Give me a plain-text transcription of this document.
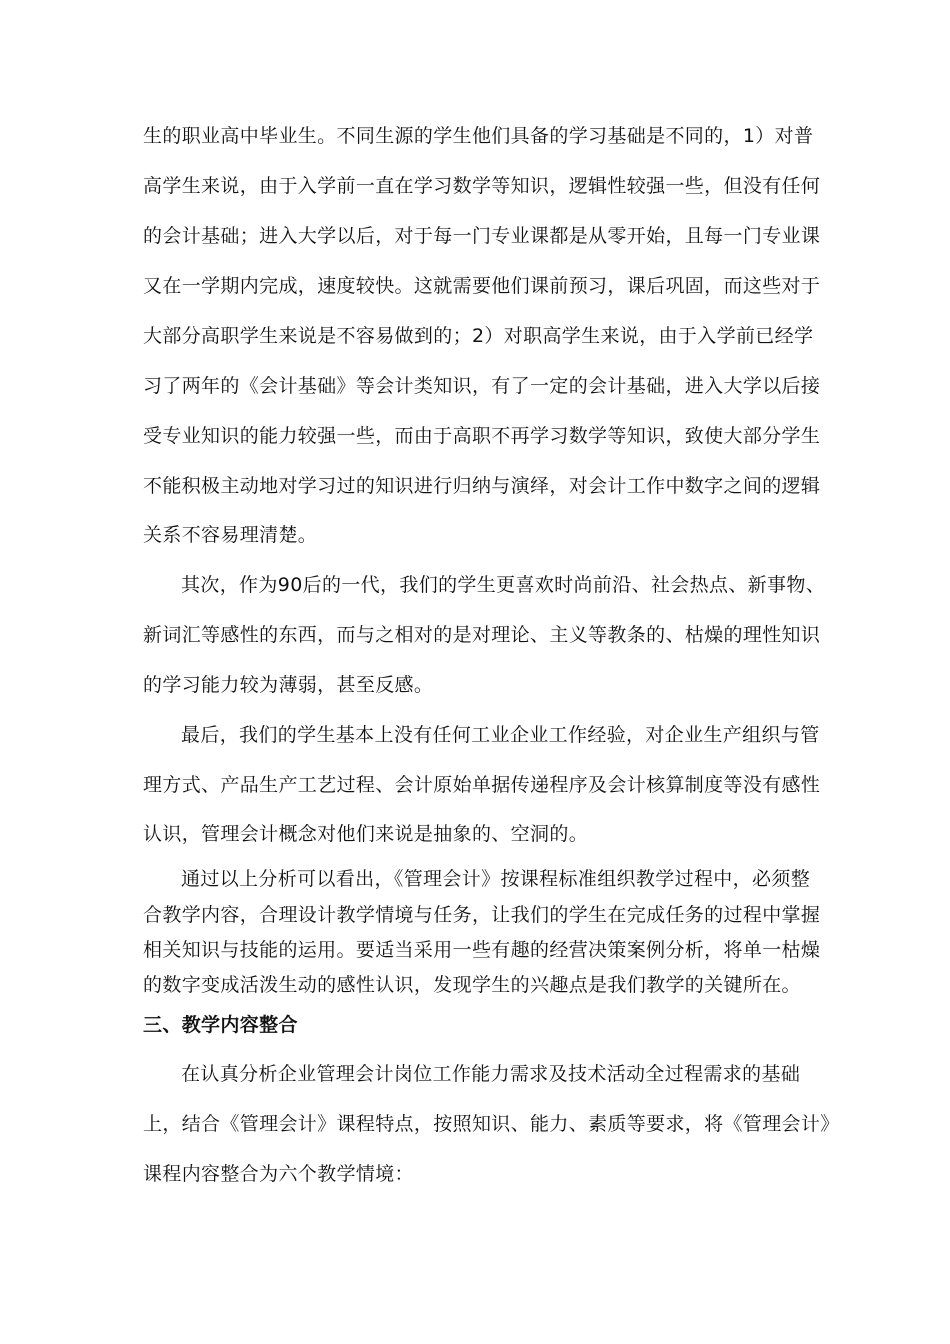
生的职业高中毕业生。不同生源的学生他们具备的学习基础是不同的，1）对普
高学生来说，由于入学前一直在学习数学等知识，逻辑性较强一些，但没有任何
的会计基础；进入大学以后，对于每一门专业课都是从零开始，且每一门专业课
又在一学期内完成，速度较快。这就需要他们课前预习，课后巩固，而这些对于
大部分高职学生来说是不容易做到的；2）对职高学生来说，由于入学前已经学
习了两年的《会计基础》等会计类知识，有了一定的会计基础，进入大学以后接
受专业知识的能力较强一些，而由于高职不再学习数学等知识，致使大部分学生
不能积极主动地对学习过的知识进行归纳与演绎，对会计工作中数字之间的逻辑
关系不容易理清楚。
其次，作为90后的一代，我们的学生更喜欢时尚前沿、社会热点、新事物、
新词汇等感性的东西，而与之相对的是对理论、主义等教条的、枯燥的理性知识
的学习能力较为薄弱，甚至反感。
最后，我们的学生基本上没有任何工业企业工作经验，对企业生产组织与管
理方式、产品生产工艺过程、会计原始单据传递程序及会计核算制度等没有感性
认识，管理会计概念对他们来说是抽象的、空洞的。
通过以上分析可以看出，《管理会计》按课程标准组织教学过程中，必须整
合教学内容，合理设计教学情境与任务，让我们的学生在完成任务的过程中掌握
相关知识与技能的运用。要适当采用一些有趣的经营决策案例分析，将单一枯燥
的数字变成活泼生动的感性认识，发现学生的兴趣点是我们教学的关键所在。
三、教学内容整合
在认真分析企业管理会计岗位工作能力需求及技术活动全过程需求的基础
上，结合《管理会计》课程特点，按照知识、能力、素质等要求，将《管理会计》
课程内容整合为六个教学情境：
